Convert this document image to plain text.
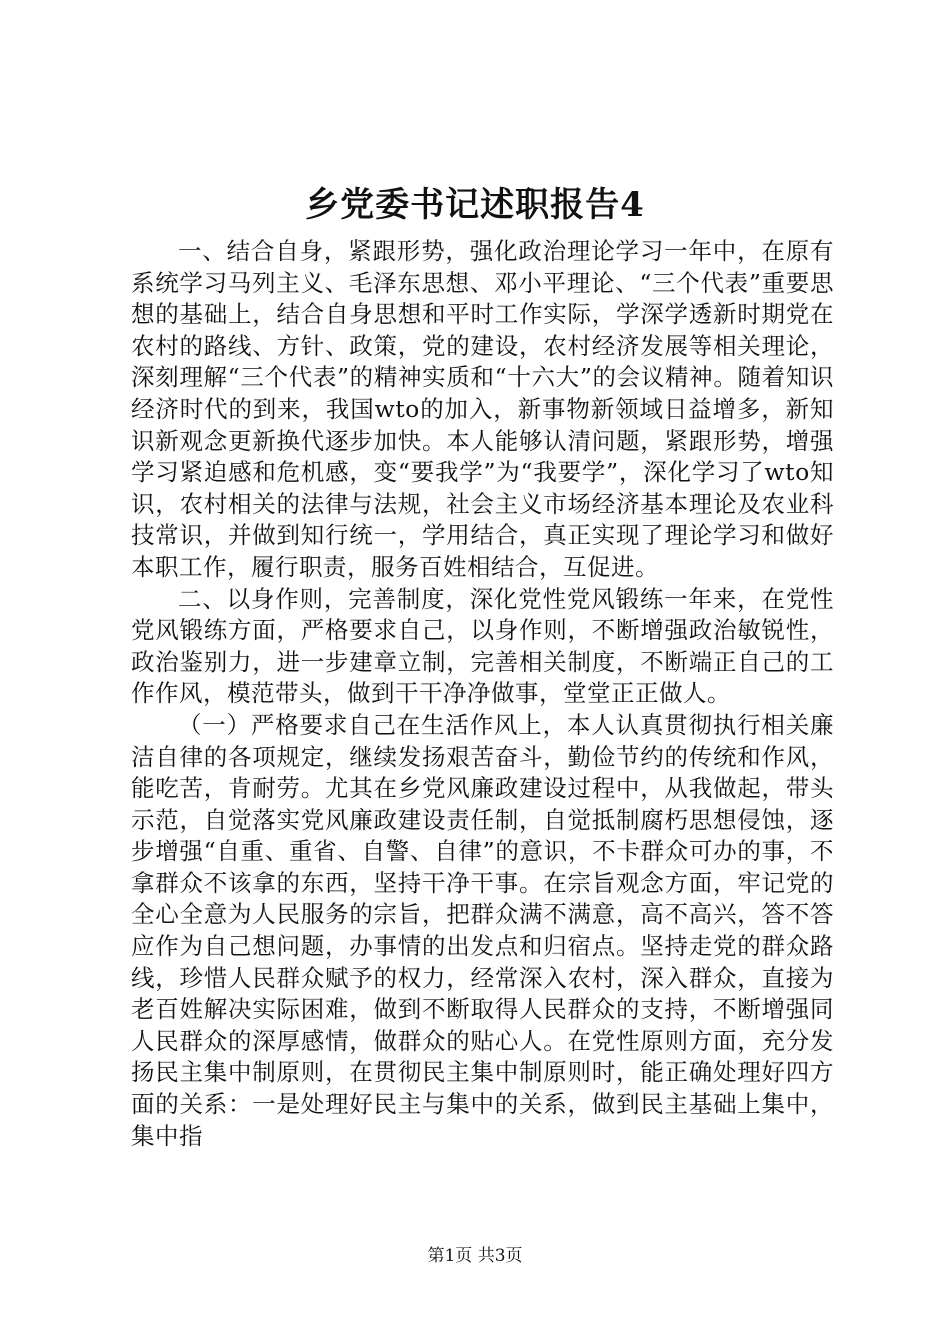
乡党委书记述职报告4

一、结合自身，紧跟形势，强化政治理论学习一年中，在原有系统学习马列主义、毛泽东思想、邓小平理论、“三个代表”重要思想的基础上，结合自身思想和平时工作实际，学深学透新时期党在农村的路线、方针、政策，党的建设，农村经济发展等相关理论，深刻理解“三个代表”的精神实质和“十六大”的会议精神。随着知识经济时代的到来，我国wto的加入，新事物新领域日益增多，新知识新观念更新换代逐步加快。本人能够认清问题，紧跟形势，增强学习紧迫感和危机感，变“要我学”为“我要学”，深化学习了wto知识，农村相关的法律与法规，社会主义市场经济基本理论及农业科技常识，并做到知行统一，学用结合，真正实现了理论学习和做好本职工作，履行职责，服务百姓相结合，互促进。

二、以身作则，完善制度，深化党性党风锻练一年来，在党性党风锻练方面，严格要求自己，以身作则，不断增强政治敏锐性，政治鉴别力，进一步建章立制，完善相关制度，不断端正自己的工作作风，模范带头，做到干干净净做事，堂堂正正做人。

（一）严格要求自己在生活作风上，本人认真贯彻执行相关廉洁自律的各项规定，继续发扬艰苦奋斗，勤俭节约的传统和作风，能吃苦，肯耐劳。尤其在乡党风廉政建设过程中，从我做起，带头示范，自觉落实党风廉政建设责任制，自觉抵制腐朽思想侵蚀，逐步增强“自重、重省、自警、自律”的意识，不卡群众可办的事，不拿群众不该拿的东西，坚持干净干事。在宗旨观念方面，牢记党的全心全意为人民服务的宗旨，把群众满不满意，高不高兴，答不答应作为自己想问题，办事情的出发点和归宿点。坚持走党的群众路线，珍惜人民群众赋予的权力，经常深入农村，深入群众，直接为老百姓解决实际困难，做到不断取得人民群众的支持，不断增强同人民群众的深厚感情，做群众的贴心人。在党性原则方面，充分发扬民主集中制原则，在贯彻民主集中制原则时，能正确处理好四方面的关系：一是处理好民主与集中的关系，做到民主基础上集中，集中指

第1页 共3页
